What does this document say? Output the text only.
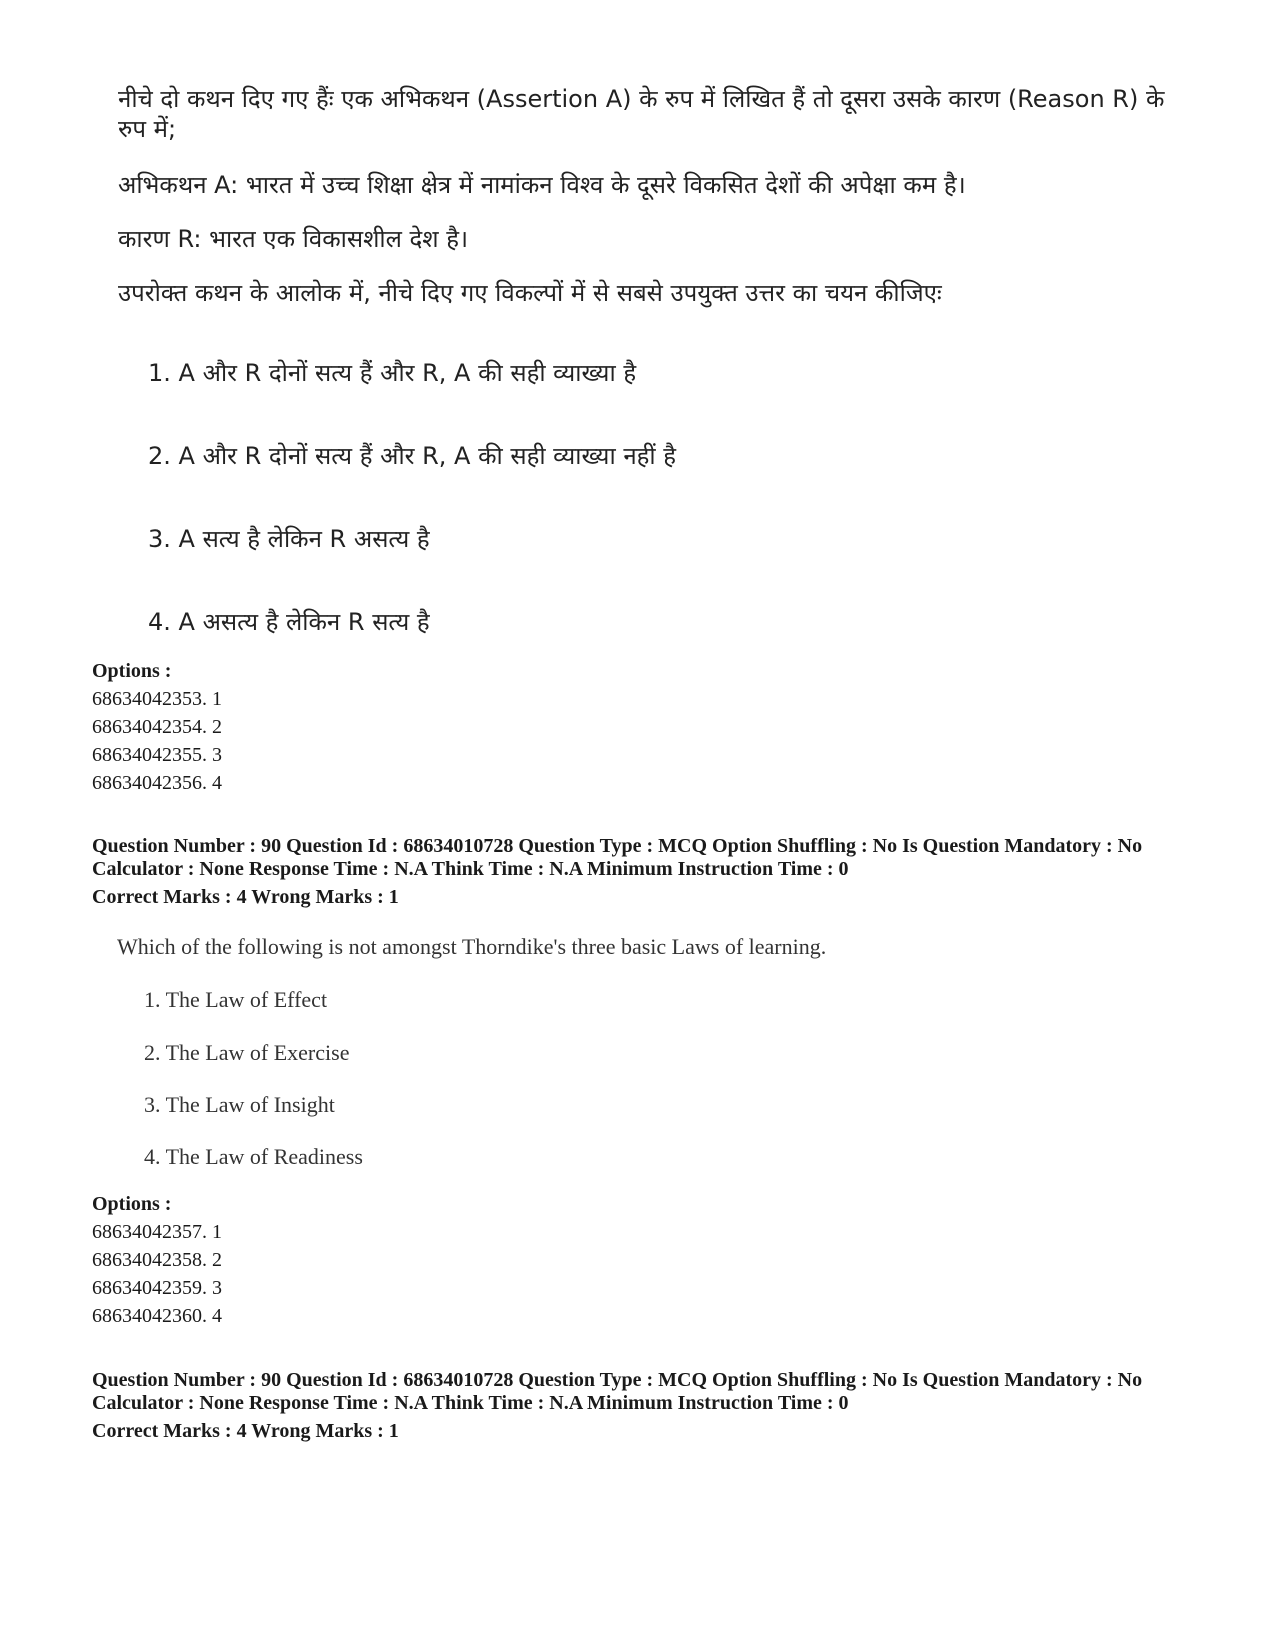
नीचे दो कथन दिए गए हैंः एक अभिकथन (Assertion A) के रुप में लिखित हैं तो दूसरा उसके कारण (Reason R) के रुप में;
अभिकथन A: भारत में उच्च शिक्षा क्षेत्र में नामांकन विश्व के दूसरे विकसित देशों की अपेक्षा कम है।
कारण R: भारत एक विकासशील देश है।
उपरोक्त कथन के आलोक में, नीचे दिए गए विकल्पों में से सबसे उपयुक्त उत्तर का चयन कीजिएः
1. A और R दोनों सत्य हैं और R, A की सही व्याख्या है
2. A और R दोनों सत्य हैं और R, A की सही व्याख्या नहीं है
3. A सत्य है लेकिन R असत्य है
4. A असत्य है लेकिन R सत्य है
Options :
68634042353. 1
68634042354. 2
68634042355. 3
68634042356. 4
Question Number : 90 Question Id : 68634010728 Question Type : MCQ Option Shuffling : No Is Question Mandatory : No Calculator : None Response Time : N.A Think Time : N.A Minimum Instruction Time : 0
Correct Marks : 4 Wrong Marks : 1
Which of the following is not amongst Thorndike's three basic Laws of learning.
1. The Law of Effect
2. The Law of Exercise
3. The Law of Insight
4. The Law of Readiness
Options :
68634042357. 1
68634042358. 2
68634042359. 3
68634042360. 4
Question Number : 90 Question Id : 68634010728 Question Type : MCQ Option Shuffling : No Is Question Mandatory : No Calculator : None Response Time : N.A Think Time : N.A Minimum Instruction Time : 0
Correct Marks : 4 Wrong Marks : 1
